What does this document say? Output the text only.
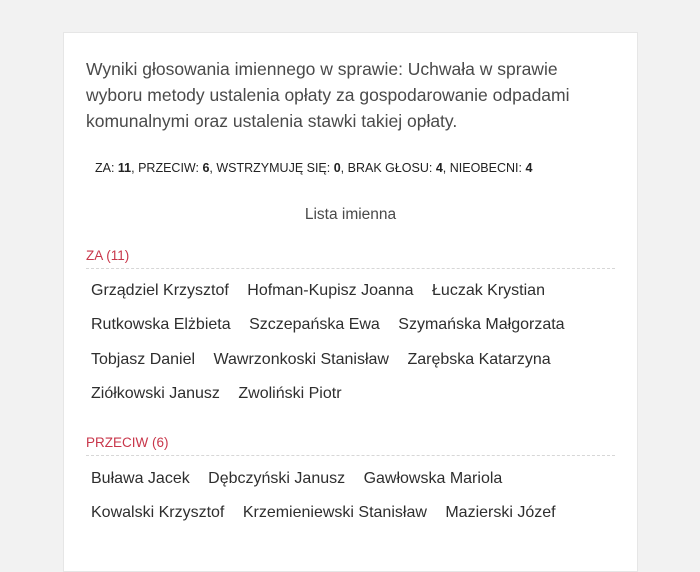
Wyniki głosowania imiennego w sprawie: Uchwała w sprawie wyboru metody ustalenia opłaty za gospodarowanie odpadami komunalnymi oraz ustalenia stawki takiej opłaty.
ZA: 11, PRZECIW: 6, WSTRZYMUJĘ SIĘ: 0, BRAK GŁOSU: 4, NIEOBECNI: 4
Lista imienna
ZA (11)
Grządziel Krzysztof Hofman-Kupisz Joanna Łuczak Krystian
Rutkowska Elżbieta Szczepańska Ewa Szymańska Małgorzata
Tobjasz Daniel Wawrzonkoski Stanisław Zarębska Katarzyna
Ziółkowski Janusz Zwoliński Piotr
PRZECIW (6)
Buława Jacek Dębczyński Janusz Gawłowska Mariola
Kowalski Krzysztof Krzemieniewski Stanisław Mazierski Józef
